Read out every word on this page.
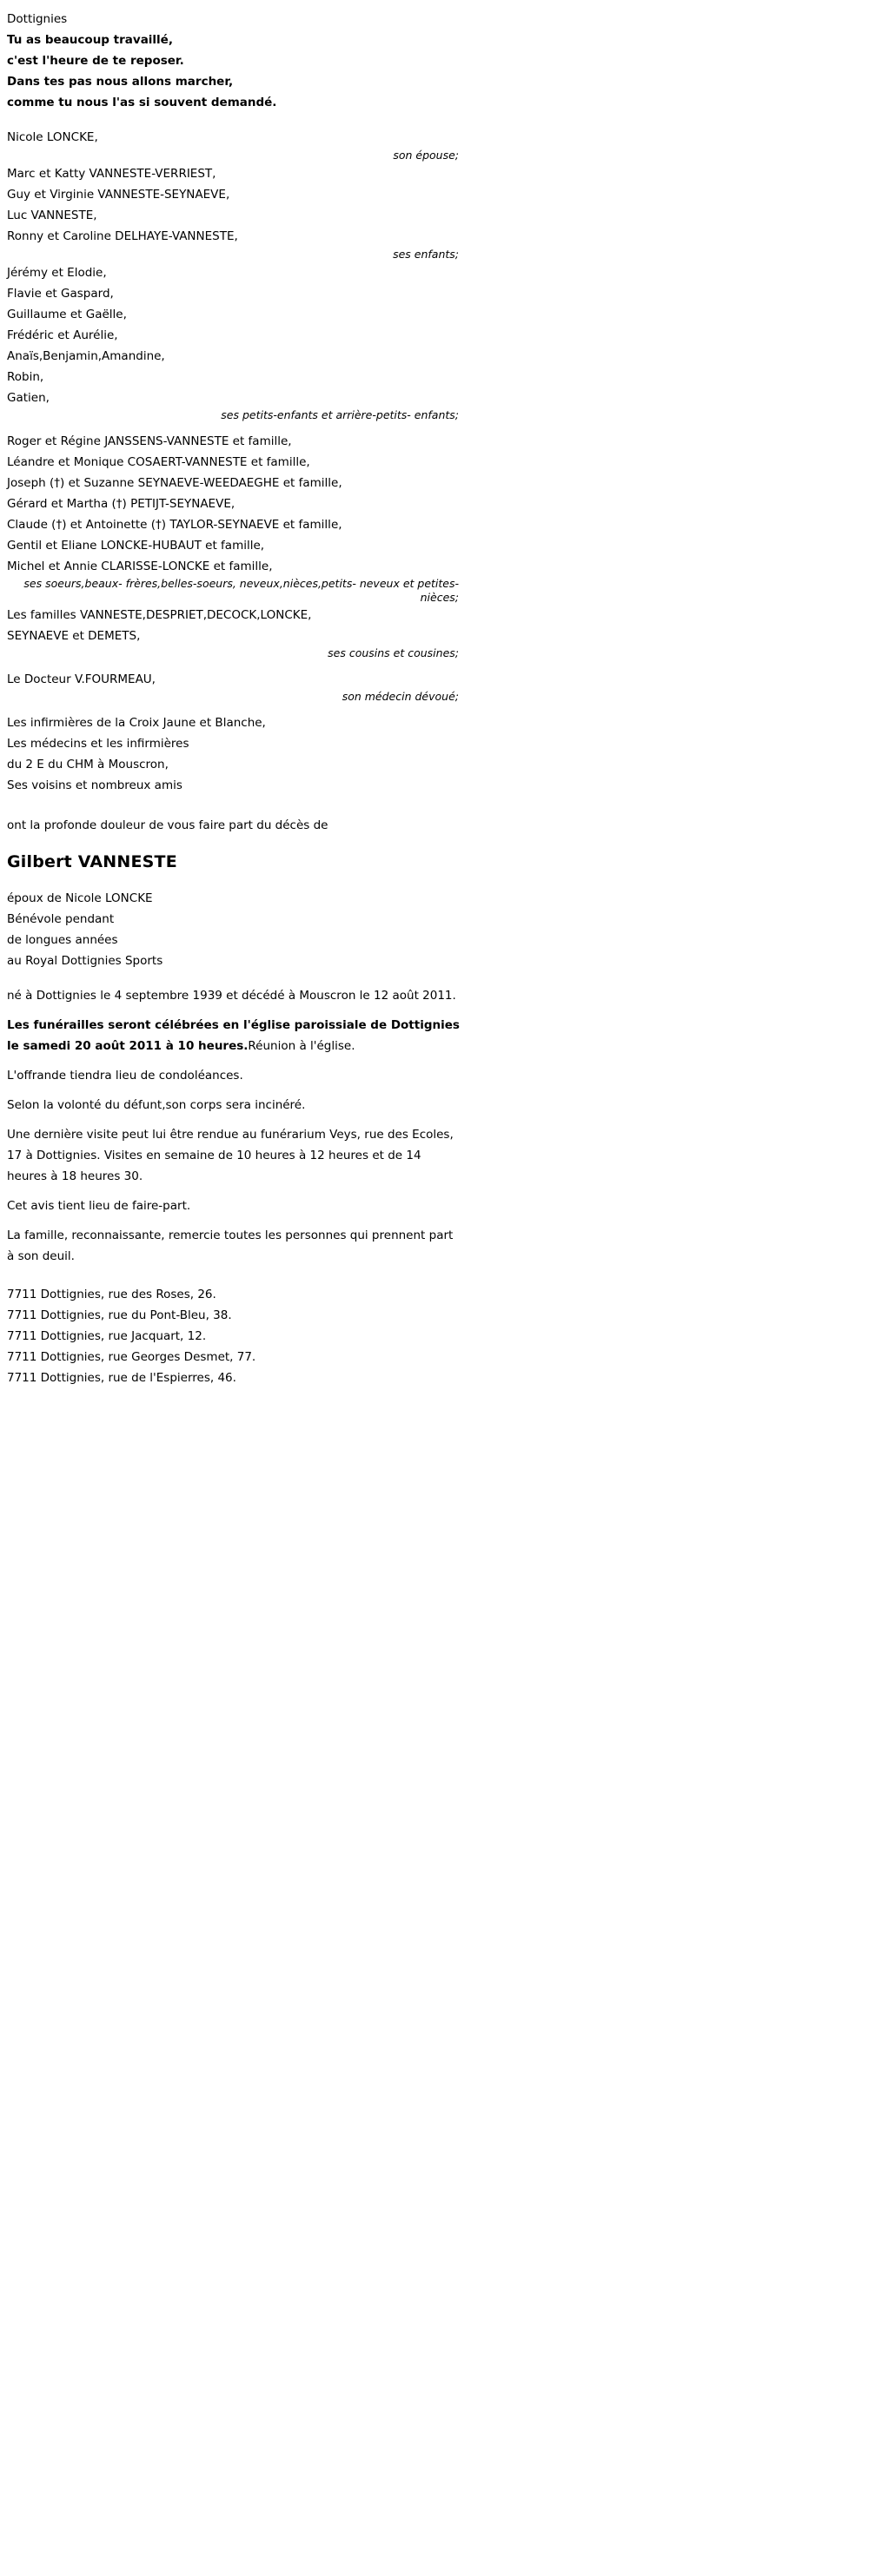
Dottignies
Tu as beaucoup travaillé,
c'est l'heure de te reposer.
Dans tes pas nous allons marcher,
comme tu nous l'as si souvent demandé.
Nicole LONCKE,
son épouse;
Marc et Katty VANNESTE-VERRIEST,
Guy et Virginie VANNESTE-SEYNAEVE,
Luc VANNESTE,
Ronny et Caroline DELHAYE-VANNESTE,
ses enfants;
Jérémy et Elodie,
Flavie et Gaspard,
Guillaume et Gaëlle,
Frédéric et Aurélie,
Anaïs,Benjamin,Amandine,
Robin,
Gatien,
ses petits-enfants et arrière-petits- enfants;
Roger et Régine JANSSENS-VANNESTE et famille,
Léandre et Monique COSAERT-VANNESTE et famille,
Joseph (†) et Suzanne SEYNAEVE-WEEDAEGHE et famille,
Gérard et Martha (†) PETIJT-SEYNAEVE,
Claude (†) et Antoinette (†) TAYLOR-SEYNAEVE et famille,
Gentil et Eliane LONCKE-HUBAUT et famille,
Michel et Annie CLARISSE-LONCKE et famille,
ses soeurs,beaux- frères,belles-soeurs, neveux,nièces,petits- neveux et petites- nièces;
Les familles VANNESTE,DESPRIET,DECOCK,LONCKE,
SEYNAEVE et DEMETS,
ses cousins et cousines;
Le Docteur V.FOURMEAU,
son médecin dévoué;
Les infirmières de la Croix Jaune et Blanche,
Les médecins et les infirmières
du 2 E du CHM à Mouscron,
Ses voisins et nombreux amis
ont la profonde douleur de vous faire part du décès de
Gilbert VANNESTE
époux de Nicole LONCKE
Bénévole pendant
de longues années
au Royal Dottignies Sports
né à Dottignies le 4 septembre 1939 et décédé à Mouscron le 12 août 2011.
Les funérailles seront célébrées en l'église paroissiale de Dottignies le samedi 20 août 2011 à 10 heures.Réunion à l'église.
L'offrande tiendra lieu de condoléances.
Selon la volonté du défunt,son corps sera incinéré.
Une dernière visite peut lui être rendue au funérarium Veys, rue des Ecoles, 17 à Dottignies. Visites en semaine de 10 heures à 12 heures et de 14 heures à 18 heures 30.
Cet avis tient lieu de faire-part.
La famille, reconnaissante, remercie toutes les personnes qui prennent part à son deuil.
7711 Dottignies, rue des Roses, 26.
7711 Dottignies, rue du Pont-Bleu, 38.
7711 Dottignies, rue Jacquart, 12.
7711 Dottignies, rue Georges Desmet, 77.
7711 Dottignies, rue de l'Espierres, 46.
